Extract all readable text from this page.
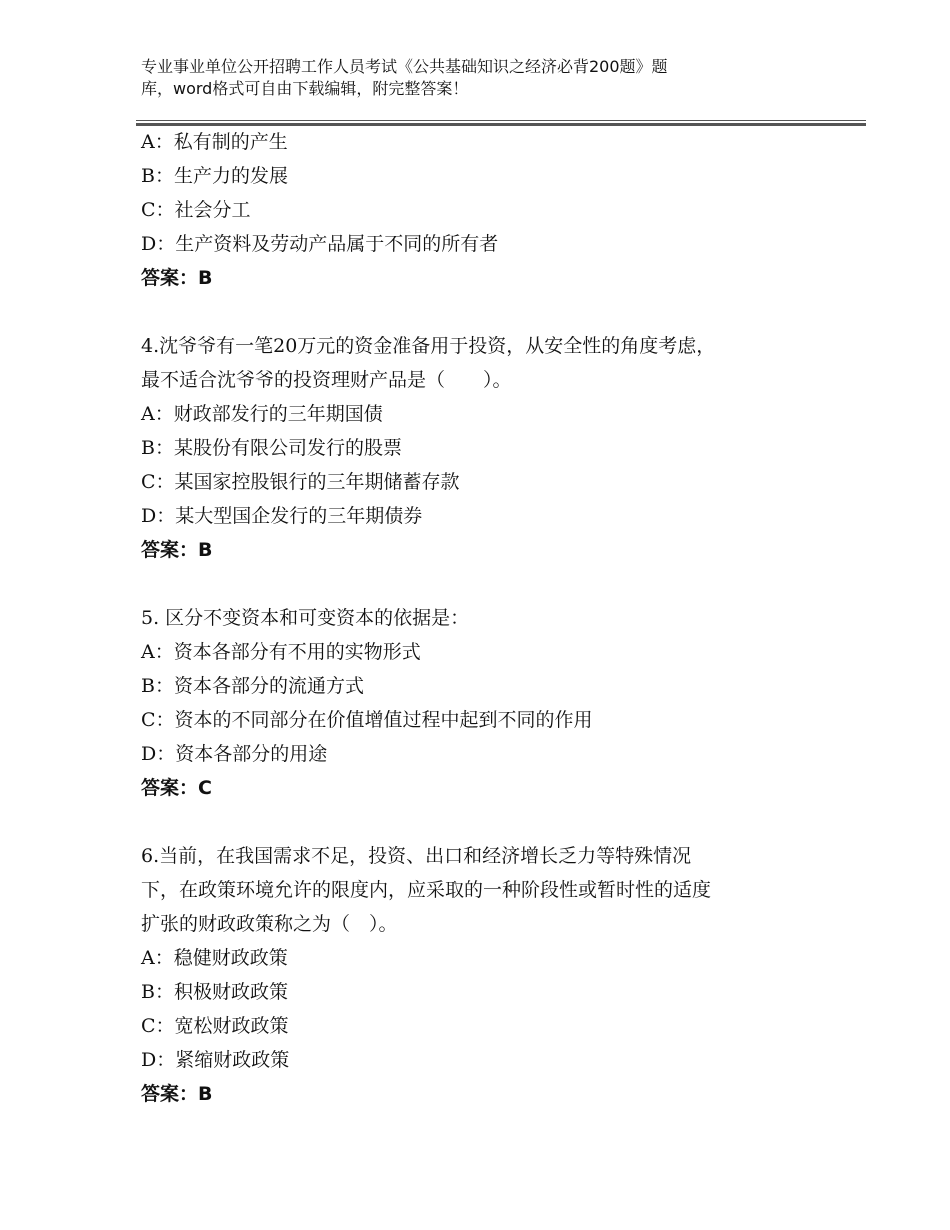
专业事业单位公开招聘工作人员考试《公共基础知识之经济必背200题》题
库，word格式可自由下载编辑，附完整答案！
A：私有制的产生
B：生产力的发展
C：社会分工
D：生产资料及劳动产品属于不同的所有者
答案：B
4.沈爷爷有一笔20万元的资金准备用于投资，从安全性的角度考虑，
最不适合沈爷爷的投资理财产品是（　　）。
A：财政部发行的三年期国债
B：某股份有限公司发行的股票
C：某国家控股银行的三年期储蓄存款
D：某大型国企发行的三年期债券
答案：B
5. 区分不变资本和可变资本的依据是：
A：资本各部分有不用的实物形式
B：资本各部分的流通方式
C：资本的不同部分在价值增值过程中起到不同的作用
D：资本各部分的用途
答案：C
6.当前，在我国需求不足，投资、出口和经济增长乏力等特殊情况
下，在政策环境允许的限度内，应采取的一种阶段性或暂时性的适度
扩张的财政政策称之为（　）。
A：稳健财政政策
B：积极财政政策
C：宽松财政政策
D：紧缩财政政策
答案：B
